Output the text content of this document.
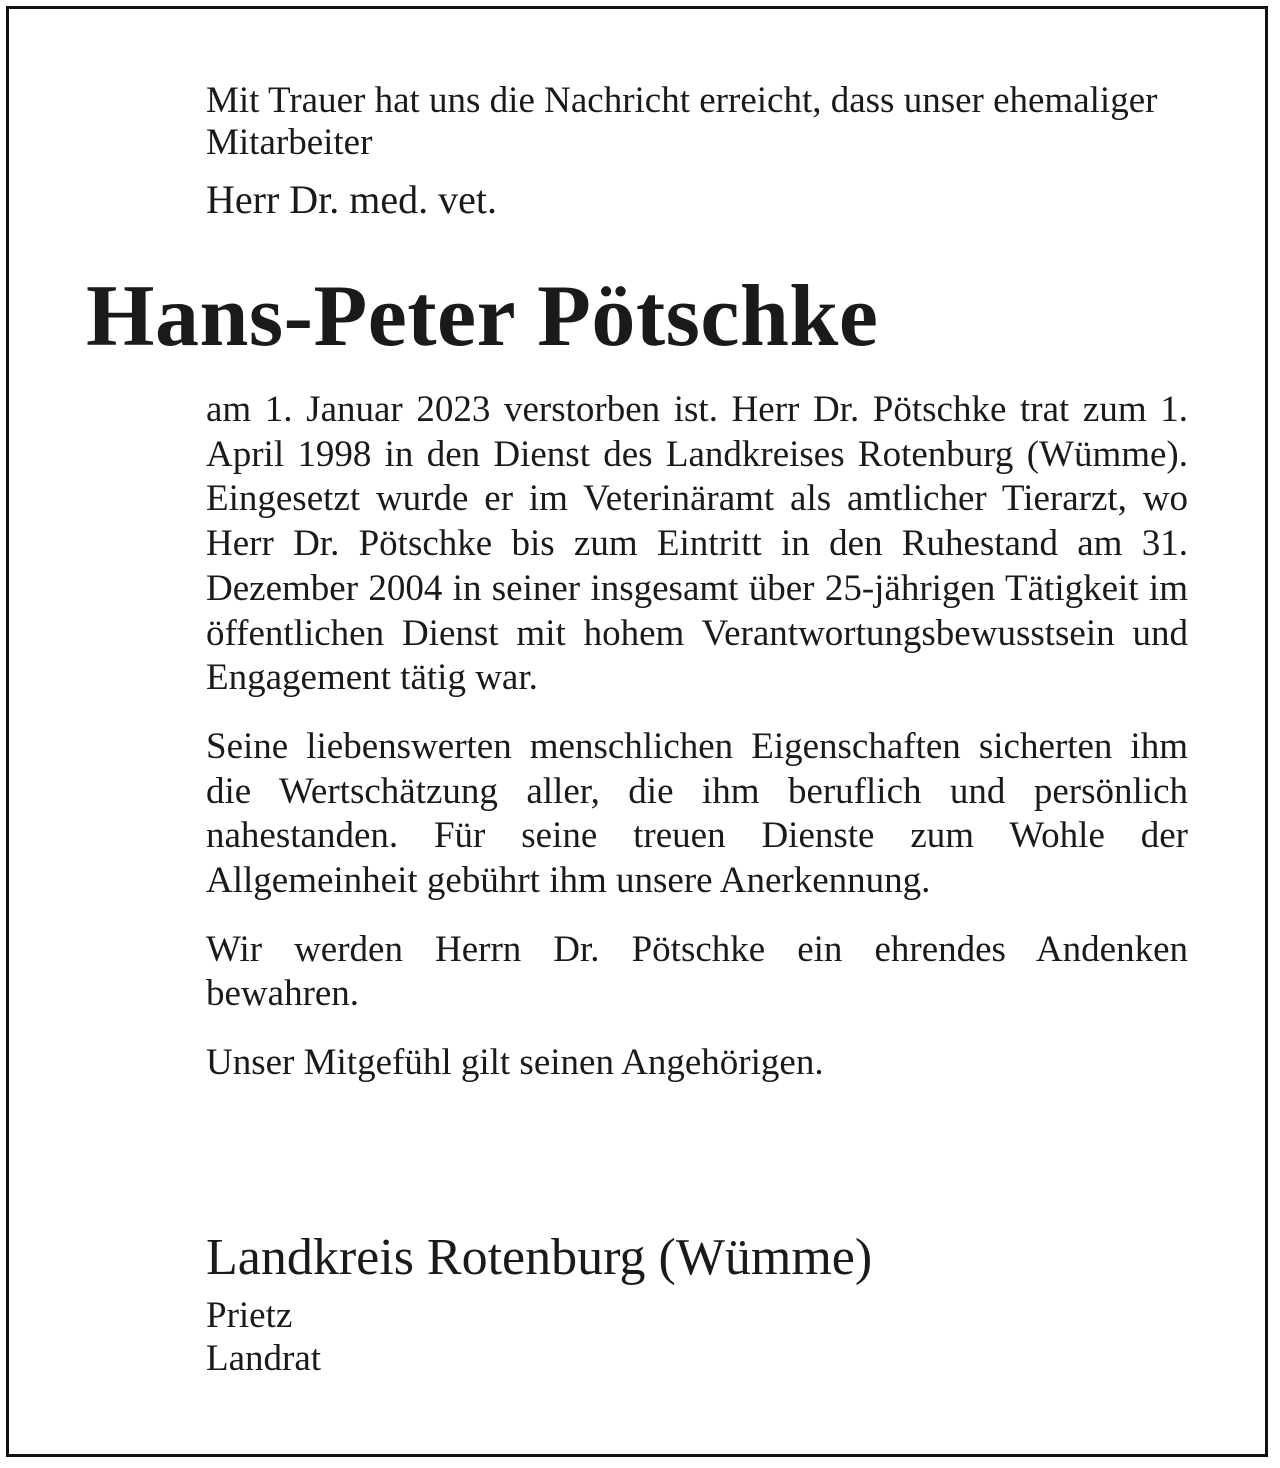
Mit Trauer hat uns die Nachricht erreicht, dass unser ehemaliger Mitarbeiter

Herr Dr. med. vet.

Hans-Peter Pötschke

am 1. Januar 2023 verstorben ist. Herr Dr. Pötschke trat zum 1. April 1998 in den Dienst des Landkreises Rotenburg (Wümme). Eingesetzt wurde er im Veterinäramt als amtlicher Tierarzt, wo Herr Dr. Pötschke bis zum Eintritt in den Ruhestand am 31. Dezember 2004 in seiner insgesamt über 25-jährigen Tätigkeit im öffentlichen Dienst mit hohem Verantwortungsbewusstsein und Engagement tätig war.

Seine liebenswerten menschlichen Eigenschaften sicherten ihm die Wertschätzung aller, die ihm beruflich und persönlich nahestanden. Für seine treuen Dienste zum Wohle der Allgemeinheit gebührt ihm unsere Anerkennung.

Wir werden Herrn Dr. Pötschke ein ehrendes Andenken bewahren.

Unser Mitgefühl gilt seinen Angehörigen.

Landkreis Rotenburg (Wümme)

Prietz
Landrat
